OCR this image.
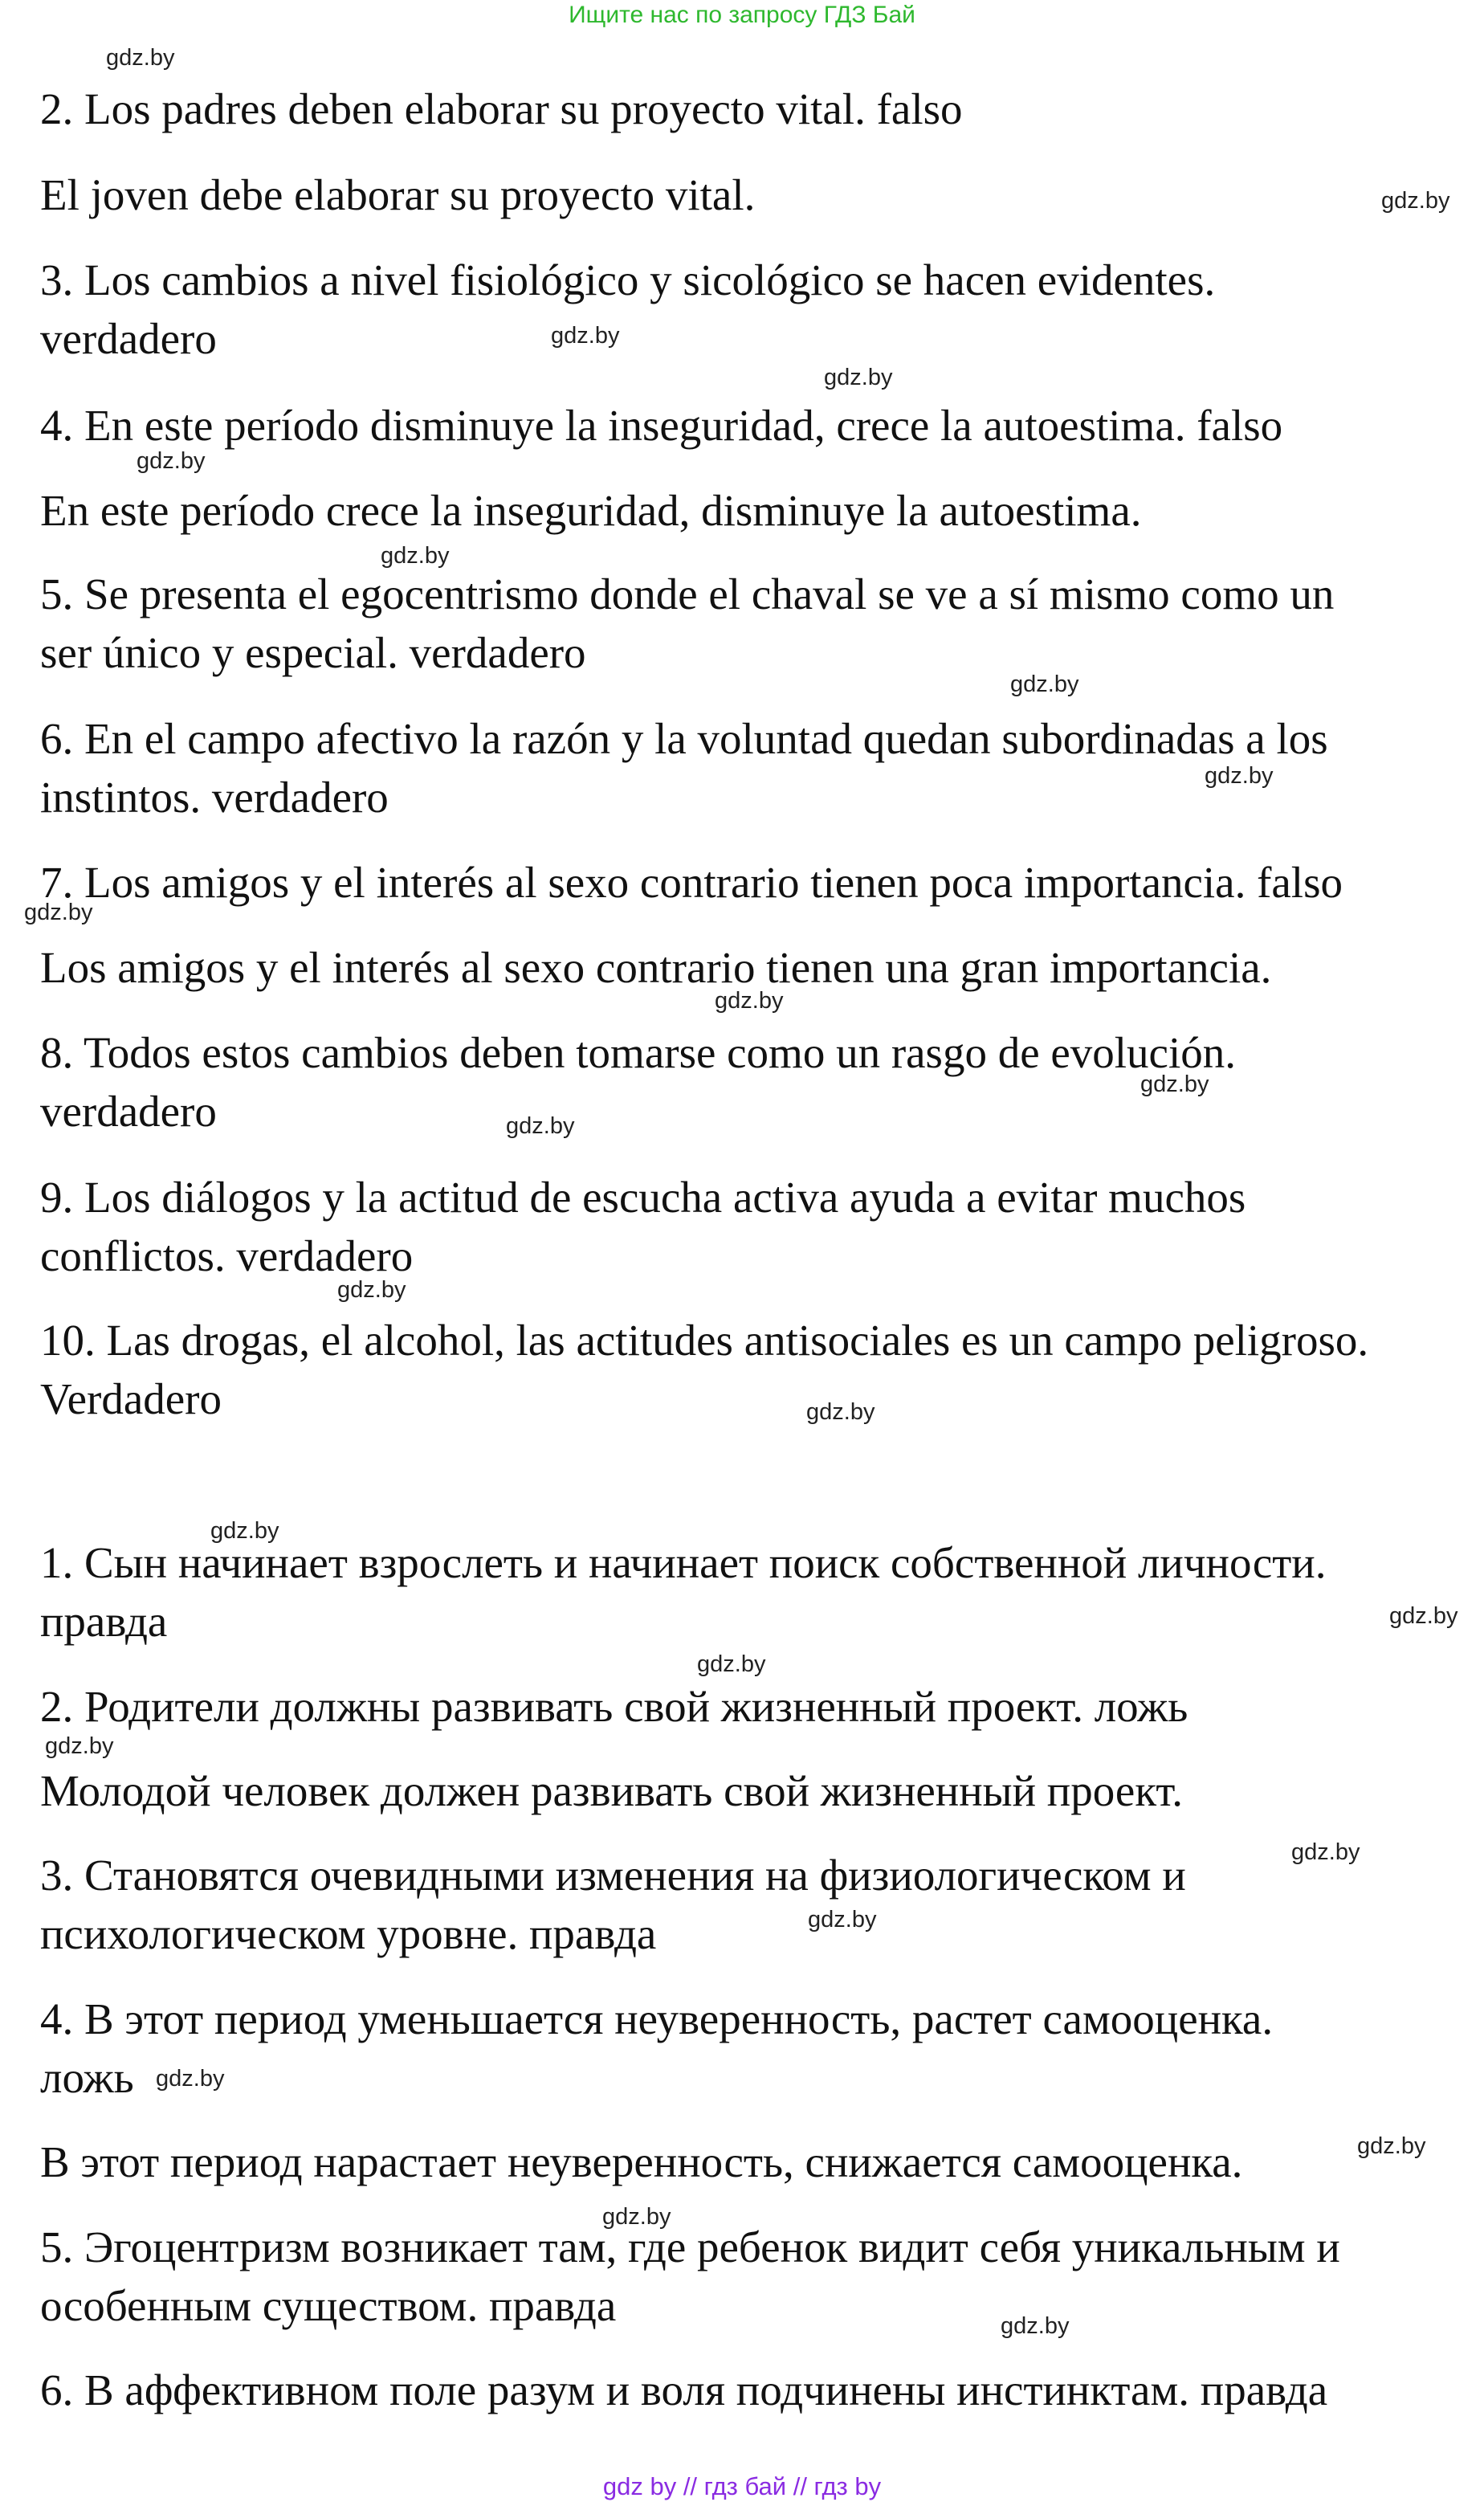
Ищите нас по запросу ГДЗ Бай
2. Los padres deben elaborar su proyecto vital. falso
El joven debe elaborar su proyecto vital.
3. Los cambios a nivel fisiológico y sicológico se hacen evidentes.
verdadero
4. En este período disminuye la inseguridad, crece la autoestima. falso
En este período crece la inseguridad, disminuye la autoestima.
5. Se presenta el egocentrismo donde el chaval se ve a sí mismo como un
ser único y especial. verdadero
6. En el campo afectivo la razón y la voluntad quedan subordinadas a los
instintos. verdadero
7. Los amigos y el interés al sexo contrario tienen poca importancia. falso
Los amigos y el interés al sexo contrario tienen una gran importancia.
8. Todos estos cambios deben tomarse como un rasgo de evolución.
verdadero
9. Los diálogos y la actitud de escucha activa ayuda a evitar muchos
conflictos. verdadero
10. Las drogas, el alcohol, las actitudes antisociales es un campo peligroso.
Verdadero
1. Сын начинает взрослеть и начинает поиск собственной личности.
правда
2. Родители должны развивать свой жизненный проект. ложь
Молодой человек должен развивать свой жизненный проект.
3. Становятся очевидными изменения на физиологическом и
психологическом уровне. правда
4. В этот период уменьшается неуверенность, растет самооценка.
ложь
В этот период нарастает неуверенность, снижается самооценка.
5. Эгоцентризм возникает там, где ребенок видит себя уникальным и
особенным существом. правда
6. В аффективном поле разум и воля подчинены инстинктам. правда
gdz.by
gdz.by
gdz.by
gdz.by
gdz.by
gdz.by
gdz.by
gdz.by
gdz.by
gdz.by
gdz.by
gdz.by
gdz.by
gdz.by
gdz.by
gdz.by
gdz.by
gdz.by
gdz.by
gdz.by
gdz.by
gdz.by
gdz.by
gdz.by
gdz by // гдз бай // гдз by
